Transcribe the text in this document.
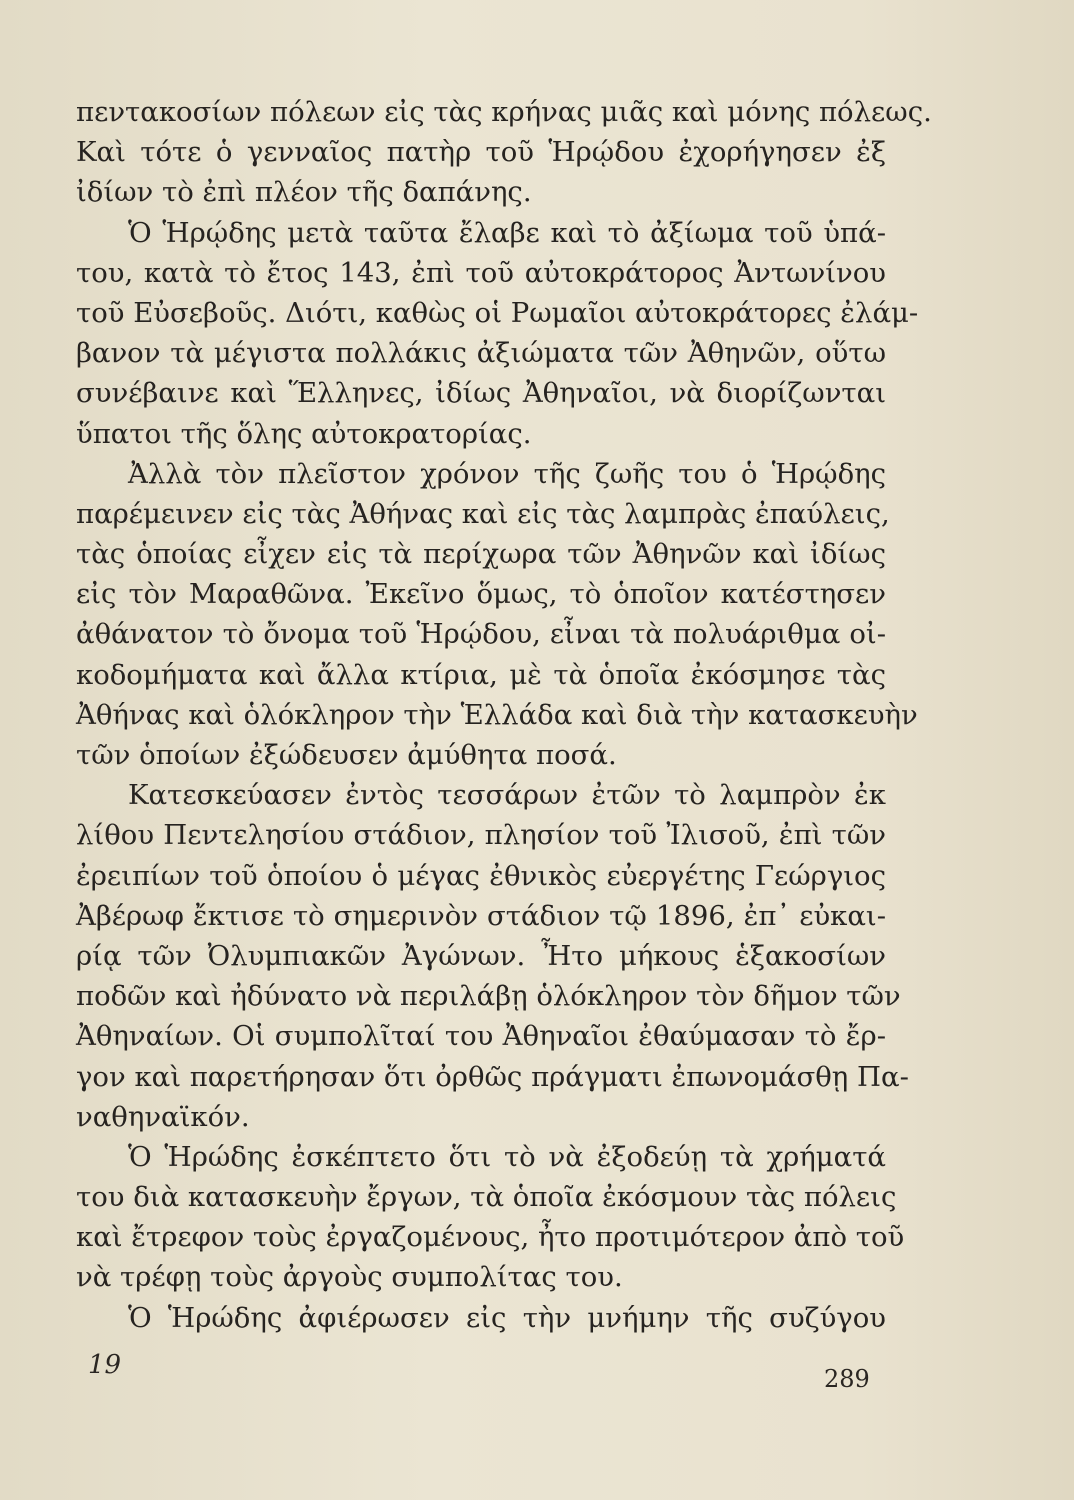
πεντακοσίων πόλεων εἰς τὰς κρήνας μιᾶς καὶ μόνης πόλεως.
Καὶ τότε ὁ γενναῖος πατὴρ τοῦ Ἡρῴδου ἐχορήγησεν ἐξ
ἰδίων τὸ ἐπὶ πλέον τῆς δαπάνης.
Ὁ Ἡρῴδης μετὰ ταῦτα ἔλαβε καὶ τὸ ἀξίωμα τοῦ ὑπά-
του, κατὰ τὸ ἔτος 143, ἐπὶ τοῦ αὐτοκράτορος Ἀντωνίνου
τοῦ Εὐσεβοῦς. Διότι, καθὼς οἱ Ρωμαῖοι αὐτοκράτορες ἐλάμ-
βανον τὰ μέγιστα πολλάκις ἀξιώματα τῶν Ἀθηνῶν, οὕτω
συνέβαινε καὶ Ἕλληνες, ἰδίως Ἀθηναῖοι, νὰ διορίζωνται
ὕπατοι τῆς ὅλης αὐτοκρατορίας.
Ἀλλὰ τὸν πλεῖστον χρόνον τῆς ζωῆς του ὁ Ἡρῴδης
παρέμεινεν εἰς τὰς Ἀθήνας καὶ εἰς τὰς λαμπρὰς ἐπαύλεις,
τὰς ὁποίας εἶχεν εἰς τὰ περίχωρα τῶν Ἀθηνῶν καὶ ἰδίως
εἰς τὸν Μαραθῶνα. Ἐκεῖνο ὅμως, τὸ ὁποῖον κατέστησεν
ἀθάνατον τὸ ὄνομα τοῦ Ἡρῴδου, εἶναι τὰ πολυάριθμα οἰ-
κοδομήματα καὶ ἄλλα κτίρια, μὲ τὰ ὁποῖα ἐκόσμησε τὰς
Ἀθήνας καὶ ὁλόκληρον τὴν Ἑλλάδα καὶ διὰ τὴν κατασκευὴν
τῶν ὁποίων ἐξώδευσεν ἀμύθητα ποσά.
Κατεσκεύασεν ἐντὸς τεσσάρων ἐτῶν τὸ λαμπρὸν ἐκ
λίθου Πεντελησίου στάδιον, πλησίον τοῦ Ἰλισοῦ, ἐπὶ τῶν
ἐρειπίων τοῦ ὁποίου ὁ μέγας ἐθνικὸς εὐεργέτης Γεώργιος
Ἀβέρωφ ἔκτισε τὸ σημερινὸν στάδιον τῷ 1896, ἐπ᾽ εὐκαι-
ρίᾳ τῶν Ὀλυμπιακῶν Ἀγώνων. Ἦτο μήκους ἑξακοσίων
ποδῶν καὶ ἠδύνατο νὰ περιλάβῃ ὁλόκληρον τὸν δῆμον τῶν
Ἀθηναίων. Οἱ συμπολῖταί του Ἀθηναῖοι ἐθαύμασαν τὸ ἔρ-
γον καὶ παρετήρησαν ὅτι ὀρθῶς πράγματι ἐπωνομάσθῃ Πα-
ναθηναϊκόν.
Ὁ Ἡρώδης ἐσκέπτετο ὅτι τὸ νὰ ἐξοδεύῃ τὰ χρήματά
του διὰ κατασκευὴν ἔργων, τὰ ὁποῖα ἐκόσμουν τὰς πόλεις
καὶ ἔτρεφον τοὺς ἐργαζομένους, ἦτο προτιμότερον ἀπὸ τοῦ
νὰ τρέφῃ τοὺς ἀργοὺς συμπολίτας του.
Ὁ Ἡρώδης ἀφιέρωσεν εἰς τὴν μνήμην τῆς συζύγου
19	289
